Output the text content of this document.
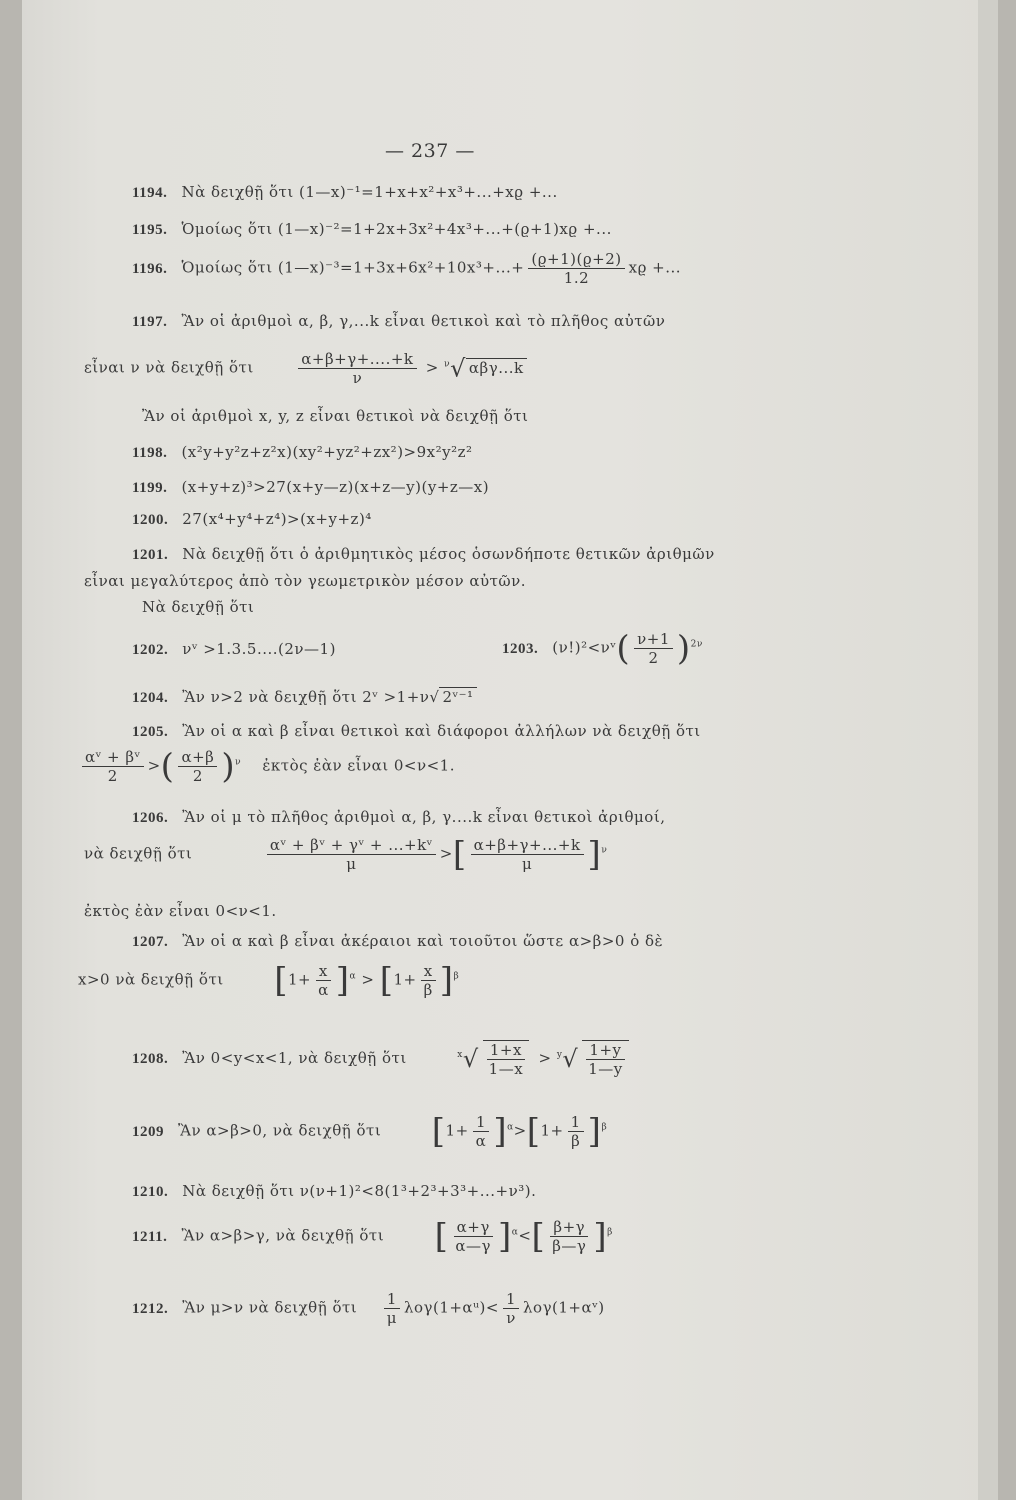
— 237 —
1194. Νὰ δειχθῇ ὅτι (1—x)⁻¹=1+x+x²+x³+...+xϱ +...
1195. Ὁμοίως ὅτι (1—x)⁻²=1+2x+3x²+4x³+...+(ϱ+1)xϱ +...
1196. Ὁμοίως ὅτι (1—x)⁻³=1+3x+6x²+10x³+...+ $\frac{(ϱ+1)(ϱ+2)}{1.2}$ xϱ +...
1197. Ἂν οἱ ἀριθμοὶ α, β, γ,...k εἶναι θετικοὶ καὶ τὸ πλῆθος αὐτῶν
εἶναι ν νὰ δειχθῇ ὅτι	$\frac{\alpha+\beta+\gamma+....+k}{\nu} > ^\nu√$ αβγ...k
Ἂν οἱ ἀριθμοὶ x, y, z εἶναι θετικοὶ νὰ δειχθῇ ὅτι
1198. (x²y+y²z+z²x)(xy²+yz²+zx²)>9x²y²z²
1199. (x+y+z)³>27(x+y—z)(x+z—y)(y+z—x)
1200. 27(x⁴+y⁴+z⁴)>(x+y+z)⁴
1201. Νὰ δειχθῇ ὅτι ὁ ἀριθμητικὸς μέσος ὁσωνδήποτε θετικῶν ἀριθμῶν
εἶναι μεγαλύτερος ἀπὸ τὸν γεωμετρικὸν μέσον αὐτῶν.
Νὰ δειχθῇ ὅτι
1202. νᵛ >1.3.5....(2ν—1)	1203. (ν!)²<νᵛ( $\frac{\nu+1}{2} )^{2\nu}$
1204. Ἂν ν>2 νὰ δειχθῇ ὅτι 2ᵛ >1+ν√ 2ᵛ⁻¹
1205. Ἂν οἱ α καὶ β εἶναι θετικοὶ καὶ διάφοροι ἀλλήλων νὰ δειχθῇ ὅτι
$\frac{\text{αᵛ + βᵛ}}{2}$ >( $\frac{\alpha+\beta}{2} )^\nu$ ἐκτὸς ἐὰν εἶναι 0<ν<1.
1206. Ἂν οἱ μ τὸ πλῆθος ἀριθμοὶ α, β, γ....k εἶναι θετικοὶ ἀριθμοί,
νὰ δειχθῇ ὅτι	$\frac{\text{αᵛ + βᵛ + γᵛ + ...+kᵛ}}{\mu}$ >[ $\frac{\alpha+\beta+\gamma+...+k}{\mu} ]^\nu$
ἐκτὸς ἐὰν εἶναι 0<ν<1.
1207. Ἂν οἱ α καὶ β εἶναι ἀκέραιοι καὶ τοιοῦτοι ὥστε α>β>0 ὁ δὲ
x>0 νὰ δειχθῇ ὅτι $[1+ \frac{x}{\alpha} ]^\alpha > [1+ \frac{x}{\beta} ]^\beta$
1208. Ἂν 0<y<x<1, νὰ δειχθῇ ὅτι	$^x√ \frac{1+x}{1—x} > ^y√ \frac{1+y}{1—y}$
1209 Ἂν α>β>0, νὰ δειχθῇ ὅτι $[1+ \frac{1}{\alpha} ]^\alpha>[1+ \frac{1}{\beta} ]^\beta$
1210. Νὰ δειχθῇ ὅτι ν(ν+1)²<8(1³+2³+3³+...+ν³).
1211. Ἂν α>β>γ, νὰ δειχθῇ ὅτι [ $\frac{\alpha+\gamma}{\alpha—\gamma} ]^\alpha<[ \frac{\beta+\gamma}{\beta—\gamma} ]^\beta$
1212. Ἂν μ>ν νὰ δειχθῇ ὅτι $\frac{1}{\mu}$ λογ(1+αᵘ)< $\frac{1}{\nu}$ λογ(1+αᵛ)
